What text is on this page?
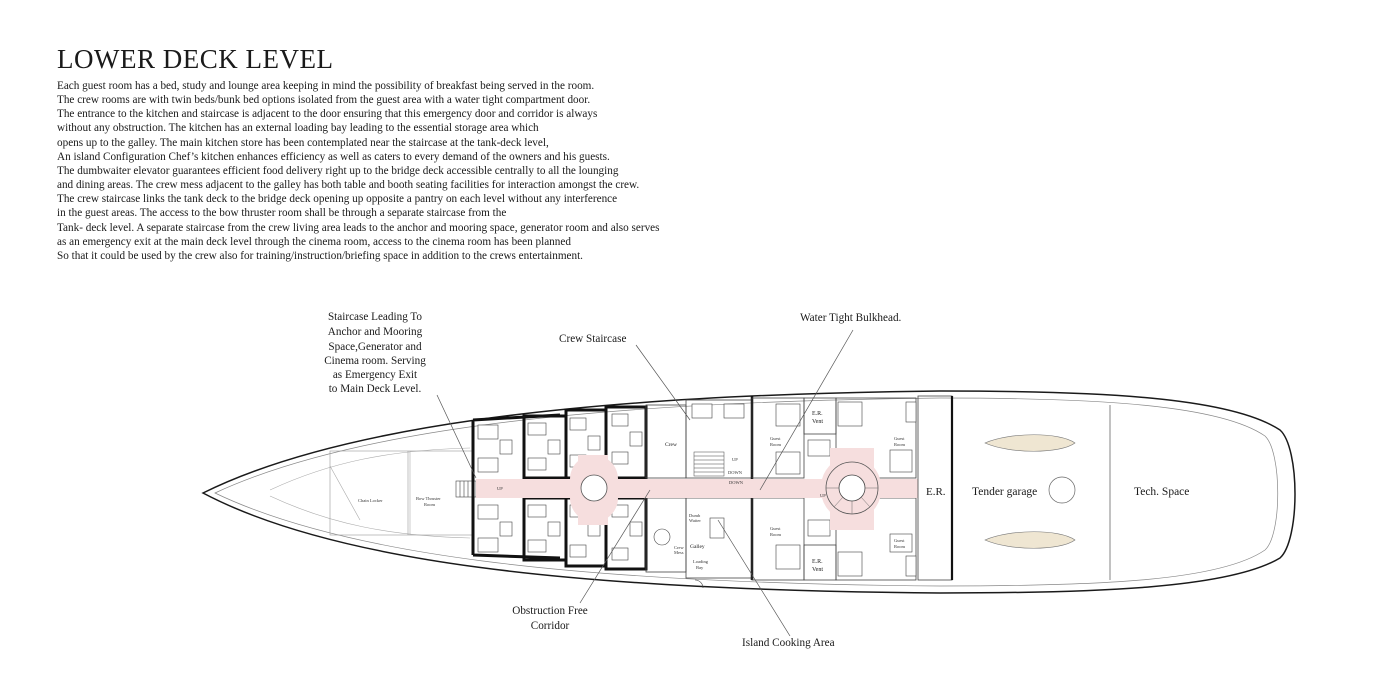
LOWER DECK LEVEL
Each guest room has a bed, study and lounge area keeping in mind the possibility of breakfast being served in the room.
The crew rooms are with twin beds/bunk bed options isolated from the guest area with a water tight compartment door.
The entrance to the kitchen and staircase is adjacent to the door ensuring that this emergency door and corridor is always
without any obstruction. The kitchen has an external loading bay leading to the essential storage area which
opens up to the galley. The main kitchen store has been contemplated near the staircase at the tank-deck level,
An island Configuration Chef’s kitchen enhances efficiency as well as caters to every demand of the owners and his guests.
The dumbwaiter elevator guarantees efficient food delivery right up to the bridge deck accessible centrally to all the lounging
and dining areas. The crew mess adjacent to the galley has both table and booth seating facilities for interaction amongst the crew.
The crew staircase links the tank deck to the bridge deck opening up opposite a pantry on each level without any interference
in the guest areas. The access to the bow thruster room shall be through a separate staircase from the
Tank- deck level. A separate staircase from the crew living area leads to the anchor and mooring space, generator room and also serves
as an emergency exit at the main deck level through the cinema room, access to the cinema room has been planned
So that it could be used by the crew also for training/instruction/briefing space in addition to the crews entertainment.
Chain Locker	Bow Thruster
Room
Crew
Crew
Mess
UP
DOWN
Dumb
Waiter
Galley
Loading
Bay
E.R.
Vent
E.R.
Vent
Guest
Room
Guest
Room
Guest
Room
Guest
Room
UP
UP
DOWN
E.R. Tender garage	Tech. Space
Staircase Leading To
Anchor and Mooring
Space,Generator and
Cinema room. Serving
as Emergency Exit
to Main Deck Level.
Crew Staircase
Water Tight Bulkhead.
Obstruction Free
Corridor
Island Cooking Area
